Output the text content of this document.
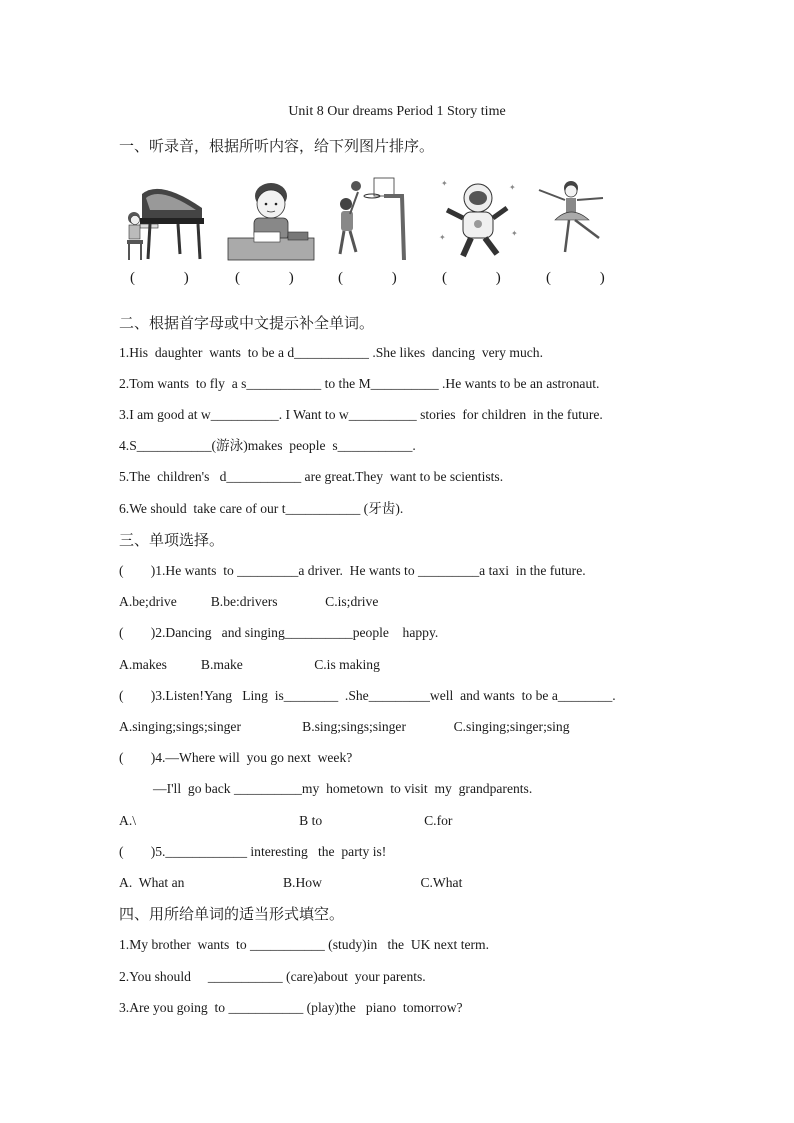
Unit 8 Our dreams Period 1 Story time
一、听录音，根据所听内容，给下列图片排序。
✦	✦
✦	✦
(             )	(             )	(             )	(             )	(             )
二、根据首字母或中文提示补全单词。
1.His  daughter  wants  to be a d___________ .She likes  dancing  very much.
2.Tom wants  to fly  a s___________ to the M__________ .He wants to be an astronaut.
3.I am good at w__________. I Want to w__________ stories  for children  in the future.
4.S___________(游泳)makes  people  s___________.
5.The  children's   d___________ are great.They  want to be scientists.
6.We should  take care of our t___________ (牙齿).
三、单项选择。
(        )1.He wants  to _________a driver.  He wants to _________a taxi  in the future.
A.be;drive          B.be:drivers              C.is;drive
(        )2.Dancing   and singing__________people    happy.
A.makes          B.make                     C.is making
(        )3.Listen!Yang   Ling  is________  .She_________well  and wants  to be a________.
A.singing;sings;singer                  B.sing;sings;singer              C.singing;singer;sing
(        )4.—Where will  you go next  week?
—I'll  go back __________my  hometown  to visit  my  grandparents.
A.\                                                B to                              C.for
(        )5.____________ interesting   the  party is!
A.  What an                             B.How                             C.What
四、用所给单词的适当形式填空。
1.My brother  wants  to ___________ (study)in   the  UK next term.
2.You should     ___________ (care)about  your parents.
3.Are you going  to ___________ (play)the   piano  tomorrow?
